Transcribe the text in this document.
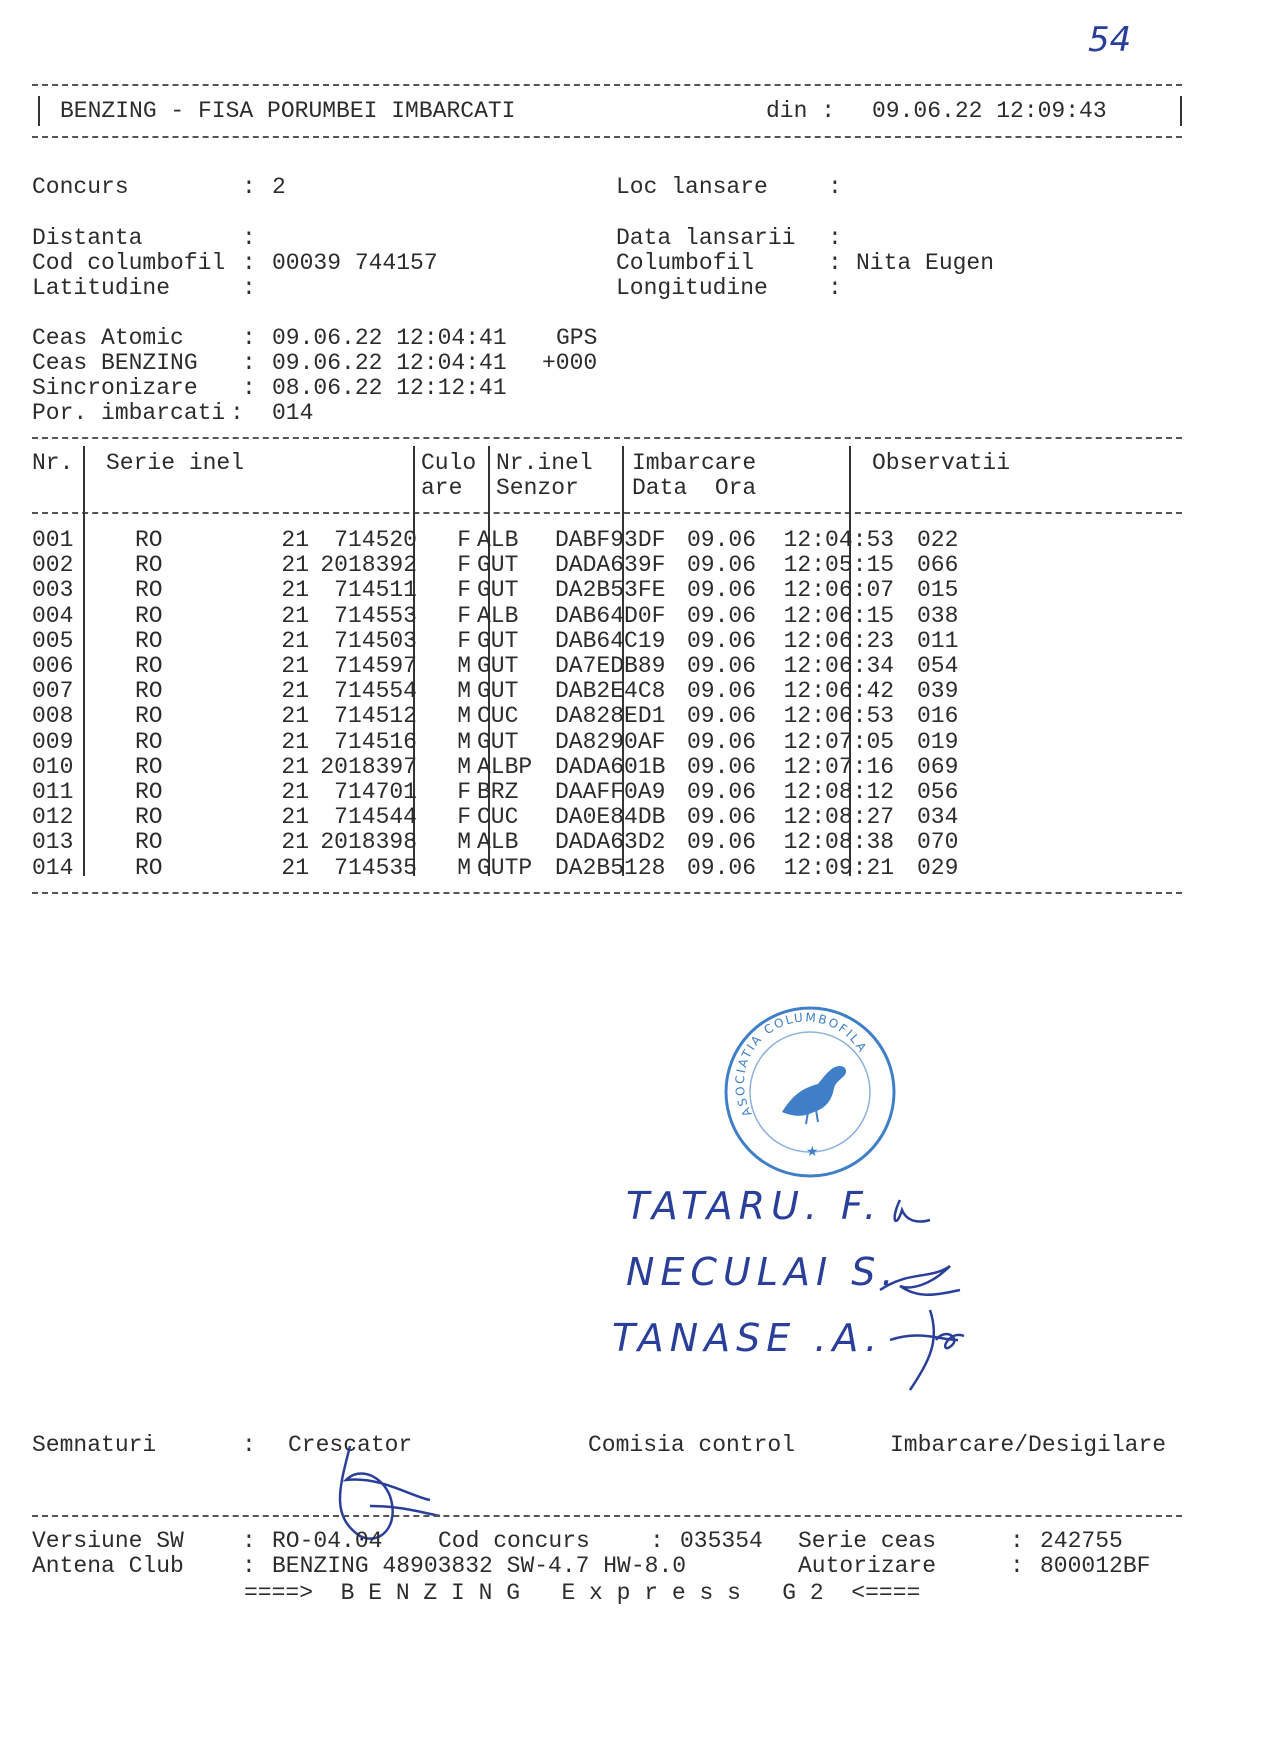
54
BENZING - FISA PORUMBEI IMBARCATI	din : 09.06.22 12:09:43
Concurs	: 2
Distanta	:
Cod columbofil : 00039 744157
Latitudine	:
Loc lansare	:
Data lansarii :
Columbofil	: Nita Eugen
Longitudine	:
Ceas Atomic	: 09.06.22 12:04:41 GPS
Ceas BENZING : 09.06.22 12:04:41 +000
Sincronizare : 08.06.22 12:12:41
Por. imbarcati : 014
Nr. Serie inel	Culo
are
Nr.inel
Senzor
Imbarcare
Data  Ora
Observatii
001	RO 21 714520 F	ALB	DABF93DF	09.06 12:04:53	022
002	RO 21 2018392 F	GUT	DADA639F	09.06 12:05:15	066
003	RO 21 714511 F	GUT	DA2B53FE	09.06 12:06:07	015
004	RO 21 714553 F	ALB	DAB64D0F	09.06 12:06:15	038
005	RO 21 714503 F	GUT	DAB64C19	09.06 12:06:23	011
006	RO 21 714597 M	GUT	DA7EDB89	09.06 12:06:34	054
007	RO 21 714554 M	GUT	DAB2E4C8	09.06 12:06:42	039
008	RO 21 714512 M	CUC	DA828ED1	09.06 12:06:53	016
009	RO 21 714516 M	GUT	DA8290AF	09.06 12:07:05	019
010	RO 21 2018397 M	ALBP	DADA601B	09.06 12:07:16	069
011	RO 21 714701 F	BRZ	DAAFF0A9	09.06 12:08:12	056
012	RO 21 714544 F	CUC	DA0E84DB	09.06 12:08:27	034
013	RO 21 2018398 M	ALB	DADA63D2	09.06 12:08:38	070
014	RO 21 714535 M	GUTP	DA2B5128	09.06 12:09:21	029
ASOCIATIA COLUMBOFILA
★
TATARU. F.
NECULAI S.
TANASE .A.
Semnaturi	: Crescator	Comisia control	Imbarcare/Desigilare
Versiune SW	: RO-04.04 Cod concurs	: 035354 Serie ceas	: 242755
Antena Club	: BENZING 48903832 SW-4.7 HW-8.0	Autorizare	: 800012BF
====>  B E N Z I N G   E x p r e s s   G 2  <====
